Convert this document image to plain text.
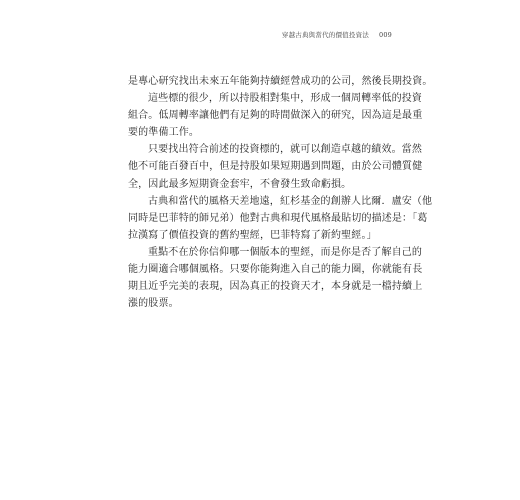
穿越古典與當代的價值投資法 009
是專心研究找出未來五年能夠持續經營成功的公司，然後長期投資。
這些標的很少，所以持股相對集中，形成一個周轉率低的投資
組合。低周轉率讓他們有足夠的時間做深入的研究，因為這是最重
要的準備工作。
只要找出符合前述的投資標的，就可以創造卓越的績效。當然
他不可能百發百中，但是持股如果短期遇到問題，由於公司體質健
全，因此最多短期資金套牢，不會發生致命虧損。
古典和當代的風格天差地遠，紅杉基金的創辦人比爾．盧安（他
同時是巴菲特的師兄弟）他對古典和現代風格最貼切的描述是：「葛
拉漢寫了價值投資的舊約聖經，巴菲特寫了新約聖經。」
重點不在於你信仰哪一個版本的聖經，而是你是否了解自己的
能力圈適合哪個風格。只要你能夠進入自己的能力圈，你就能有長
期且近乎完美的表現，因為真正的投資天才，本身就是一檔持續上
漲的股票。
